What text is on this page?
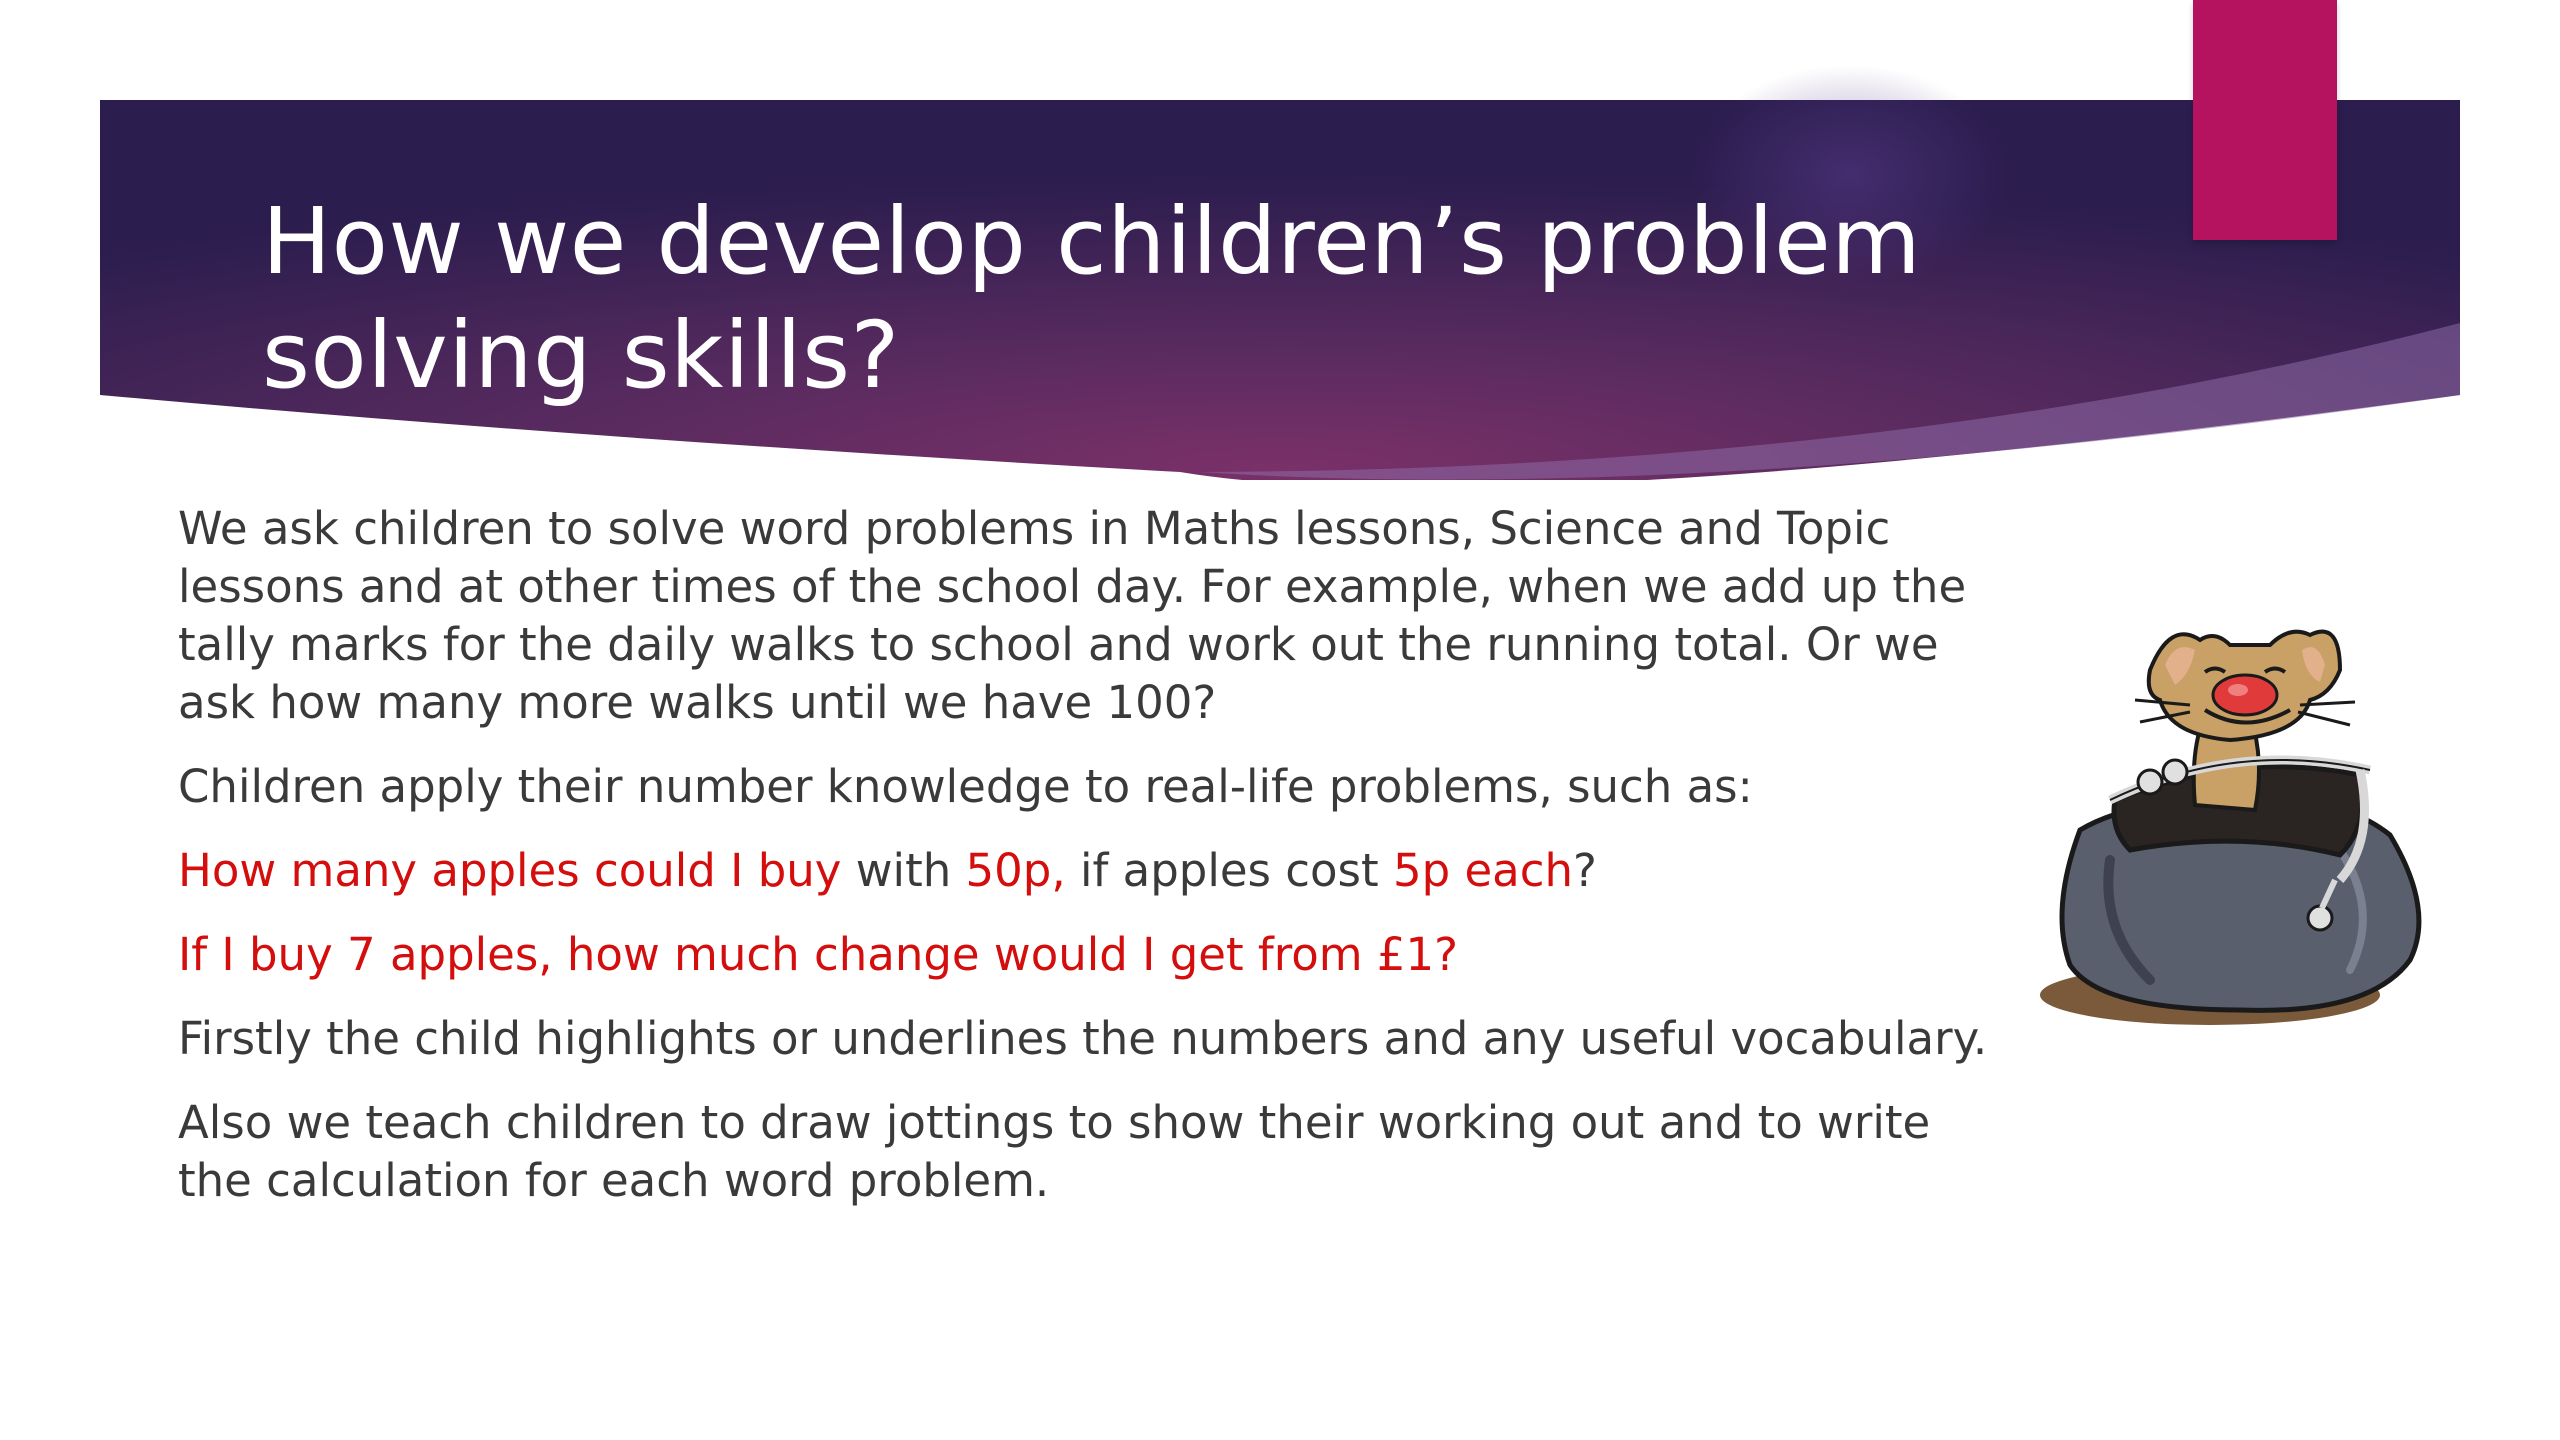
How we develop children’s problem solving skills?

We ask children to solve word problems in Maths lessons, Science and Topic lessons and at other times of the school day. For example, when we add up the tally marks for the daily walks to school and work out the running total. Or we ask how many more walks until we have 100?

Children apply their number knowledge to real-life problems, such as:

How many apples could I buy with 50p, if apples cost 5p each?

If I buy 7 apples, how much change would I get from £1?

Firstly the child highlights or underlines the numbers and any useful vocabulary.

Also we teach children to draw jottings to show their working out and to write the calculation for each word problem.
